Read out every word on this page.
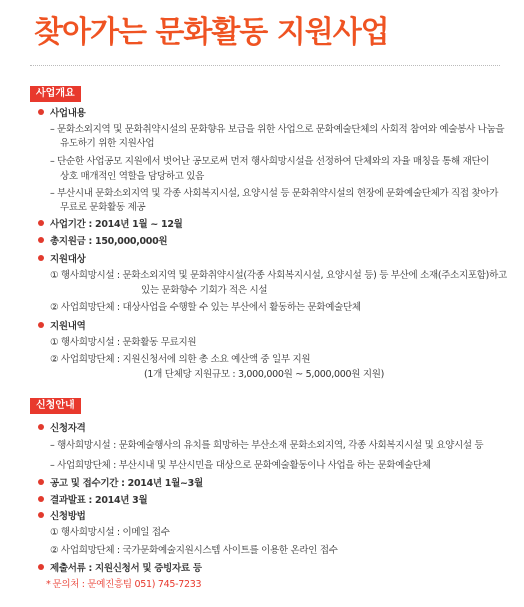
찾아가는 문화활동 지원사업
사업개요
사업내용
– 문화소외지역 및 문화취약시설의 문화향유 보급을 위한 사업으로 문화예술단체의 사회적 참여와 예술봉사 나눔을
유도하기 위한 지원사업
– 단순한 사업공모 지원에서 벗어난 공모로써 먼저 행사희망시설을 선정하여 단체와의 자율 매칭을 통해 재단이
상호 매개적인 역할을 담당하고 있음
– 부산시내 문화소외지역 및 각종 사회복지시설, 요양시설 등 문화취약시설의 현장에 문화예술단체가 직접 찾아가
무료로 문화활동 제공
사업기간 : 2014년 1월 ~ 12월
총지원금 : 150,000,000원
지원대상
① 행사희망시설 : 문화소외지역 및 문화취약시설(각종 사회복지시설, 요양시설 등) 등 부산에 소재(주소지포함)하고
있는 문화향수 기회가 적은 시설
② 사업희망단체 : 대상사업을 수행할 수 있는 부산에서 활동하는 문화예술단체
지원내역
① 행사희망시설 : 문화활동 무료지원
② 사업희망단체 : 지원신청서에 의한 총 소요 예산액 중 일부 지원
(1개 단체당 지원규모 : 3,000,000원 ~ 5,000,000원 지원)
신청안내
신청자격
– 행사희망시설 : 문화예술행사의 유치를 희망하는 부산소재 문화소외지역, 각종 사회복지시설 및 요양시설 등
– 사업희망단체 : 부산시내 및 부산시민을 대상으로 문화예술활동이나 사업을 하는 문화예술단체
공고 및 접수기간 : 2014년 1월~3월
결과발표 : 2014년 3월
신청방법
① 행사희망시설 : 이메일 접수
② 사업희망단체 : 국가문화예술지원시스템 사이트를 이용한 온라인 접수
제출서류 : 지원신청서 및 증빙자료 등
* 문의처 : 문예진흥팀 051) 745-7233
